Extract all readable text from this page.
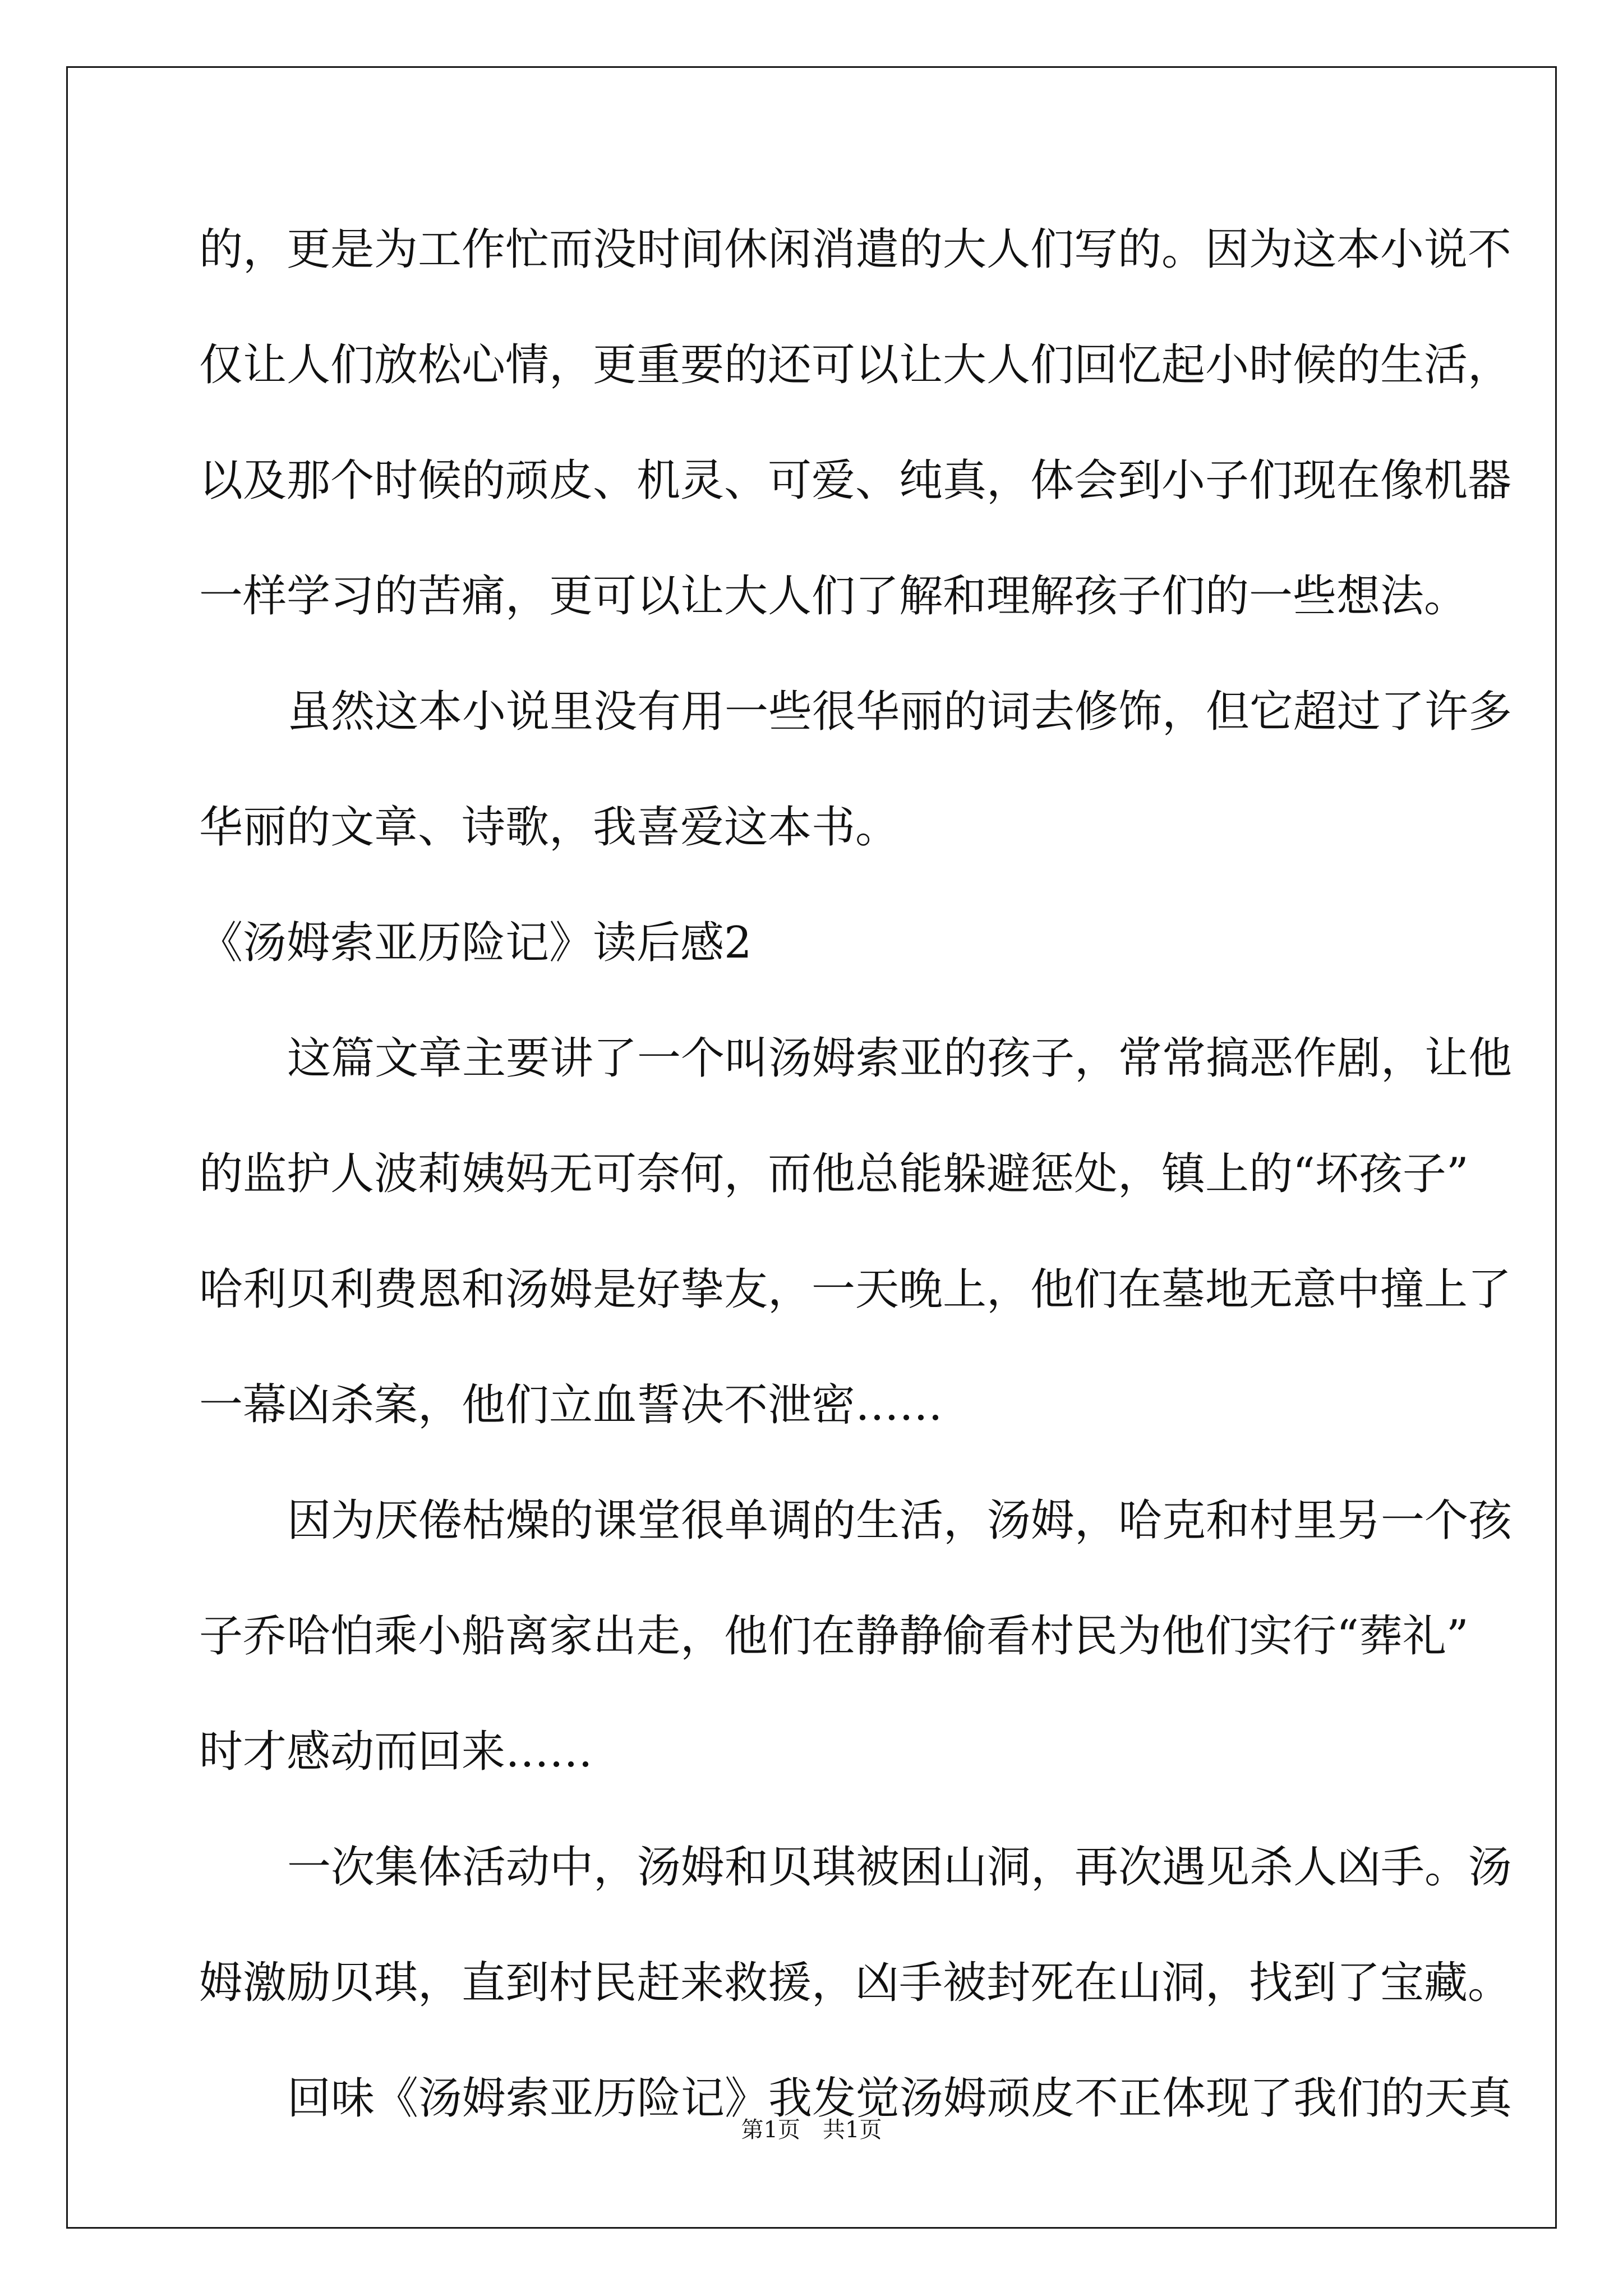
的，更是为工作忙而没时间休闲消遣的大人们写的。因为这本小说不
仅让人们放松心情，更重要的还可以让大人们回忆起小时候的生活，
以及那个时候的顽皮、机灵、可爱、纯真，体会到小子们现在像机器
一样学习的苦痛，更可以让大人们了解和理解孩子们的一些想法。
虽然这本小说里没有用一些很华丽的词去修饰，但它超过了许多
华丽的文章、诗歌，我喜爱这本书。
《汤姆索亚历险记》读后感2
这篇文章主要讲了一个叫汤姆索亚的孩子，常常搞恶作剧，让他
的监护人波莉姨妈无可奈何，而他总能躲避惩处，镇上的“坏孩子”
哈利贝利费恩和汤姆是好挚友，一天晚上，他们在墓地无意中撞上了
一幕凶杀案，他们立血誓决不泄密……
因为厌倦枯燥的课堂很单调的生活，汤姆，哈克和村里另一个孩
子乔哈怕乘小船离家出走，他们在静静偷看村民为他们实行“葬礼”
时才感动而回来……
一次集体活动中，汤姆和贝琪被困山洞，再次遇见杀人凶手。汤
姆激励贝琪，直到村民赶来救援，凶手被封死在山洞，找到了宝藏。
回味《汤姆索亚历险记》我发觉汤姆顽皮不正体现了我们的天真
第1页 共1页
